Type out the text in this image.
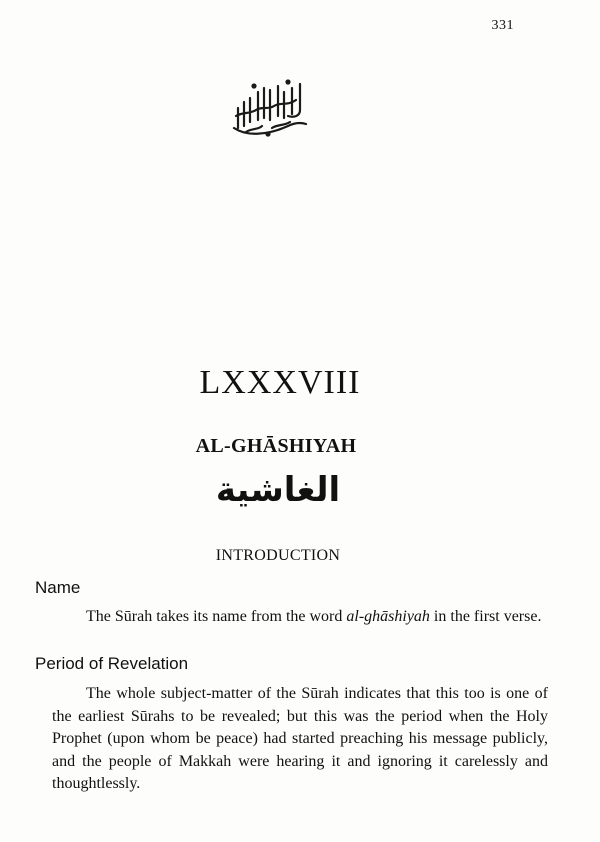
331
LXXXVIII
AL-GHĀSHIYAH
الغاشية
INTRODUCTION
Name

The Sūrah takes its name from the word al-ghāshiyah in the first verse.

Period of Revelation

The whole subject-matter of the Sūrah indicates that this too is one of the earliest Sūrahs to be revealed; but this was the period when the Holy Prophet (upon whom be peace) had started preaching his message publicly, and the people of Makkah were hearing it and ignoring it carelessly and thoughtlessly.
